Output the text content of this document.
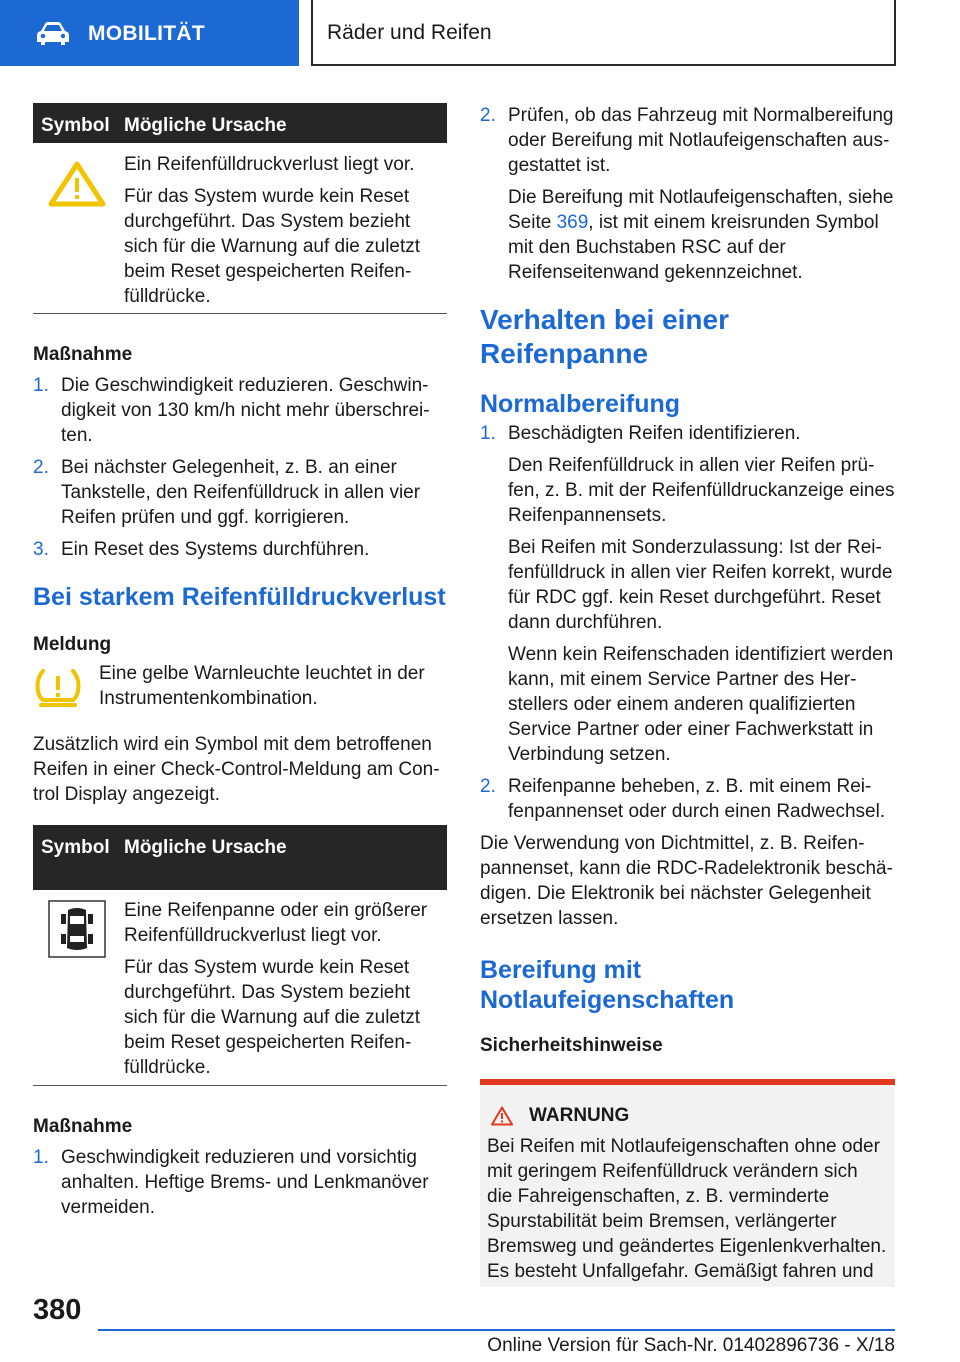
MOBILITÄT	Räder und Reifen
Symbol Mögliche Ursache

Ein Reifenfülldruckverlust liegt vor.

Für das System wurde kein Reset durchgeführt. Das System bezieht sich für die Warnung auf die zuletzt beim Reset gespeicherten Reifenfülldrücke.

Maßnahme
1. Die Geschwindigkeit reduzieren. Geschwindigkeit von 130 km/h nicht mehr überschreiten.
2. Bei nächster Gelegenheit, z. B. an einer Tankstelle, den Reifenfülldruck in allen vier Reifen prüfen und ggf. korrigieren.
3. Ein Reset des Systems durchführen.
Bei starkem Reifenfülldruckverlust
Meldung
Eine gelbe Warnleuchte leuchtet in der Instrumentenkombination.
Zusätzlich wird ein Symbol mit dem betroffenen Reifen in einer Check-Control-Meldung am Control Display angezeigt.
Symbol Mögliche Ursache

Eine Reifenpanne oder ein größerer Reifenfülldruckverlust liegt vor.

Für das System wurde kein Reset durchgeführt. Das System bezieht sich für die Warnung auf die zuletzt beim Reset gespeicherten Reifenfülldrücke.

Maßnahme
1. Geschwindigkeit reduzieren und vorsichtig anhalten. Heftige Brems- und Lenkmanöver vermeiden.
2. Prüfen, ob das Fahrzeug mit Normalbereifung oder Bereifung mit Notlaufeigenschaften ausgestattet ist.

Die Bereifung mit Notlaufeigenschaften, siehe Seite 369, ist mit einem kreisrunden Symbol mit den Buchstaben RSC auf der Reifenseitenwand gekennzeichnet.

Verhalten bei einer Reifenpanne
Normalbereifung
1. Beschädigten Reifen identifizieren.

Den Reifenfülldruck in allen vier Reifen prüfen, z. B. mit der Reifenfülldruckanzeige eines Reifenpannensets.

Bei Reifen mit Sonderzulassung: Ist der Reifenfülldruck in allen vier Reifen korrekt, wurde für RDC ggf. kein Reset durchgeführt. Reset dann durchführen.

Wenn kein Reifenschaden identifiziert werden kann, mit einem Service Partner des Herstellers oder einem anderen qualifizierten Service Partner oder einer Fachwerkstatt in Verbindung setzen.

2. Reifenpanne beheben, z. B. mit einem Reifenpannenset oder durch einen Radwechsel.

Die Verwendung von Dichtmittel, z. B. Reifenpannenset, kann die RDC-Radelektronik beschädigen. Die Elektronik bei nächster Gelegenheit ersetzen lassen.
Bereifung mit Notlaufeigenschaften
Sicherheitshinweise
WARNUNG
Bei Reifen mit Notlaufeigenschaften ohne oder mit geringem Reifenfülldruck verändern sich die Fahreigenschaften, z. B. verminderte Spurstabilität beim Bremsen, verlängerter Bremsweg und geändertes Eigenlenkverhalten. Es besteht Unfallgefahr. Gemäßigt fahren und
380
Online Version für Sach-Nr. 01402896736 - X/18
